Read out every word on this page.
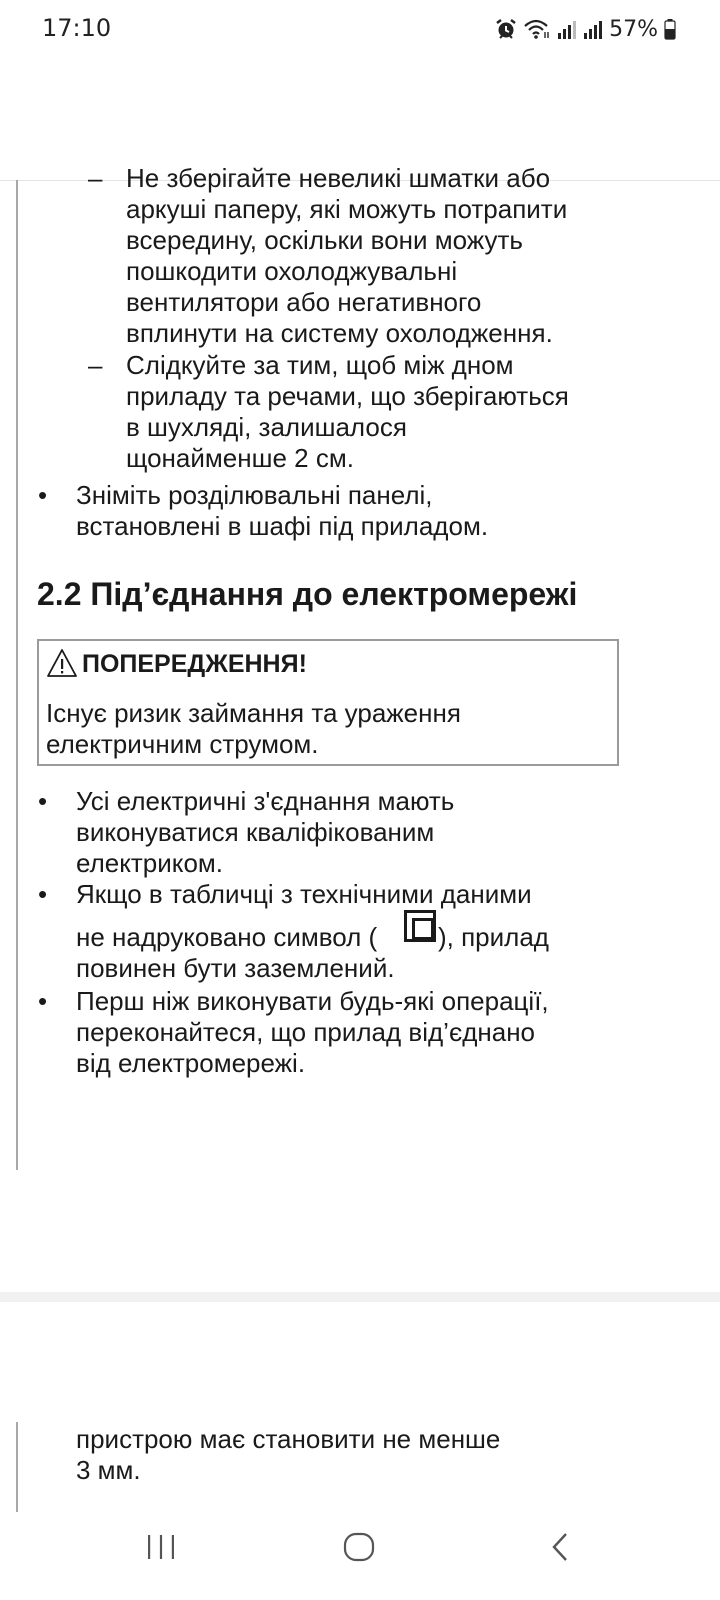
17:10	57%
– Не зберігайте невеликі шматки або
аркуші паперу, які можуть потрапити
всередину, оскільки вони можуть
пошкодити охолоджувальні
вентилятори або негативного
вплинути на систему охолодження.
– Слідкуйте за тим, щоб між дном
приладу та речами, що зберігаються
в шухляді, залишалося
щонайменше 2 см.
• Зніміть розділювальні панелі,
встановлені в шафі під приладом.
2.2 Під’єднання до електромережі
ПОПЕРЕДЖЕННЯ!
Існує ризик займання та ураження
електричним струмом.
• Усі електричні з'єднання мають
виконуватися кваліфікованим
електриком.
• Якщо в табличці з технічними даними
не надруковано символ ( ), прилад
повинен бути заземлений.
• Перш ніж виконувати будь-які операції,
переконайтеся, що прилад від’єднано
від електромережі.
пристрою має становити не менше
3 мм.
